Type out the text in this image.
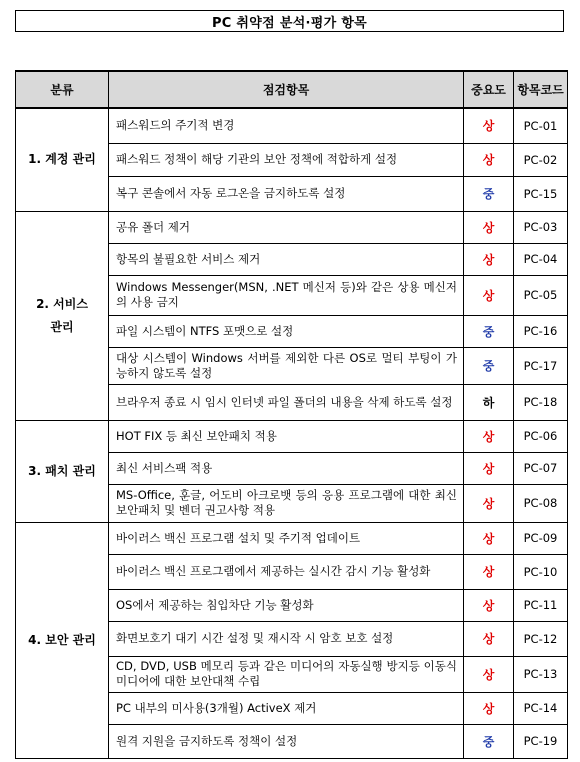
PC 취약점 분석·평가 항목
분류	점검항목	중요도	항목코드

1. 계정 관리	패스워드의 주기적 변경	상	PC-01

	패스워드 정책이 해당 기관의 보안 정책에 적합하게 설정	상	PC-02

	복구 콘솔에서 자동 로그온을 금지하도록 설정	중	PC-15

2. 서비스
관리	공유 폴더 제거	상	PC-03

	항목의 불필요한 서비스 제거	상	PC-04

	Windows Messenger(MSN, .NET 메신저 등)와 같은 상용 메신저의 사용 금지	상	PC-05

	파일 시스템이 NTFS 포맷으로 설정	중	PC-16

	대상 시스템이 Windows 서버를 제외한 다른 OS로 멀티 부팅이 가능하지 않도록 설정	중	PC-17

	브라우저 종료 시 임시 인터넷 파일 폴더의 내용을 삭제 하도록 설정	하	PC-18

3. 패치 관리	HOT FIX 등 최신 보안패치 적용	상	PC-06

	최신 서비스팩 적용	상	PC-07

	MS-Office, 훈글, 어도비 아크로뱃 등의 응용 프로그램에 대한 최신 보안패치 및 벤더 권고사항 적용	상	PC-08

4. 보안 관리	바이러스 백신 프로그램 설치 및 주기적 업데이트	상	PC-09

	바이러스 백신 프로그램에서 제공하는 실시간 감시 기능 활성화	상	PC-10

	OS에서 제공하는 침입차단 기능 활성화	상	PC-11

	화면보호기 대기 시간 설정 및 재시작 시 암호 보호 설정	상	PC-12

	CD, DVD, USB 메모리 등과 같은 미디어의 자동실행 방지등 이동식 미디어에 대한 보안대책 수립	상	PC-13

	PC 내부의 미사용(3개월) ActiveX 제거	상	PC-14

	원격 지원을 금지하도록 정책이 설정	중	PC-19
